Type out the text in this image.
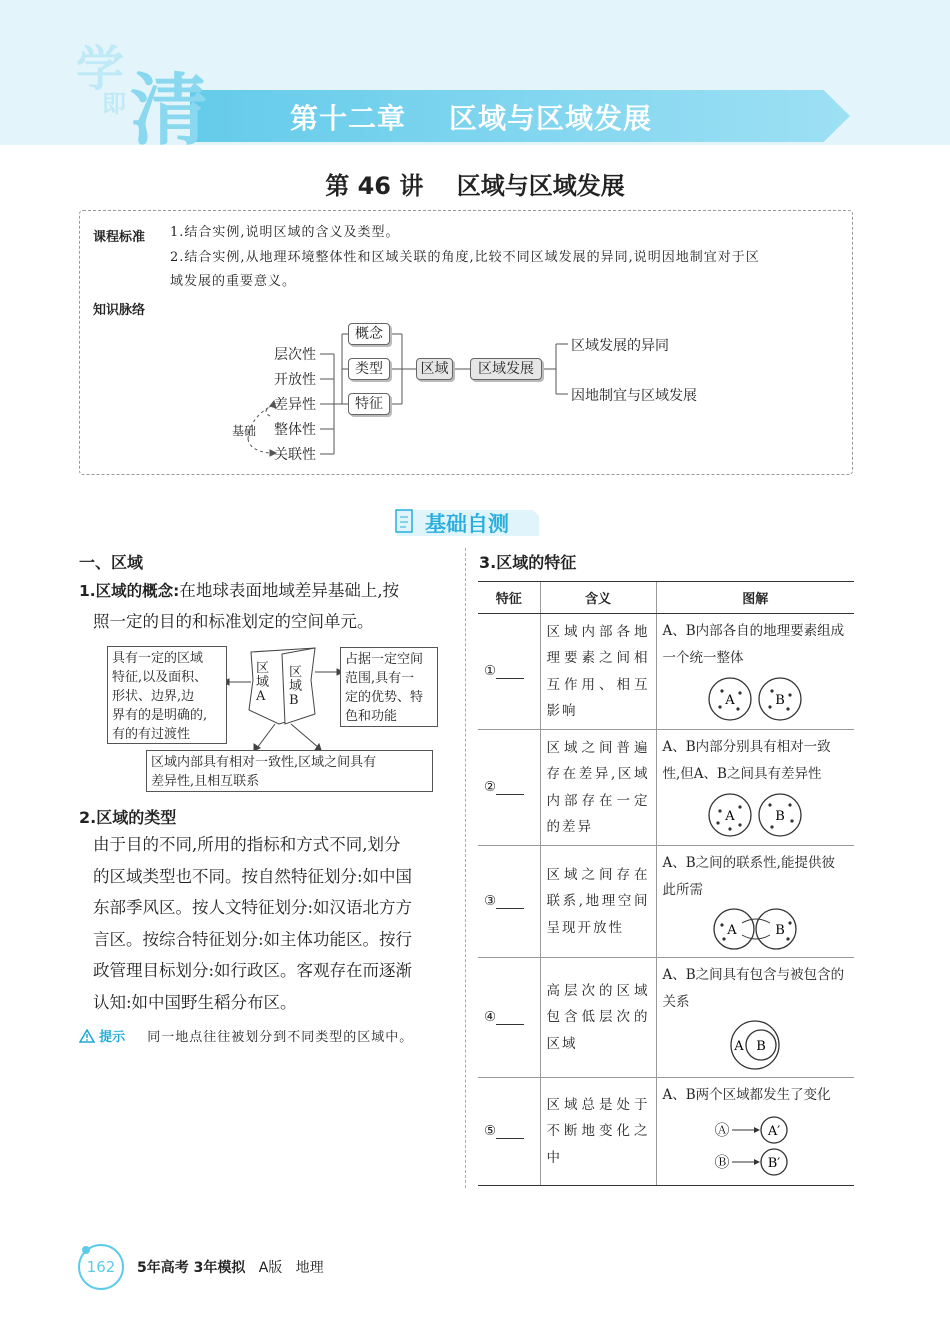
学
即 清	第十二章    区域与区域发展
第 46 讲    区域与区域发展
课程标准 1.结合实例,说明区域的含义及类型。
2.结合实例,从地理环境整体性和区域关联的角度,比较不同区域发展的异同,说明因地制宜对于区
域发展的重要意义。
知识脉络
层次性
开放性
差异性
整体性
关联性
基础
概念
类型
特征
区域	区域发展
区域发展的异同
因地制宜与区域发展
基础自测
一、区域
1.区域的概念:在地球表面地域差异基础上,按
照一定的目的和标准划定的空间单元。
具有一定的区域
特征,以及面积、
形状、边界,边
界有的是明确的,
有的有过渡性
区
域
A
区
域
B
占据一定空间
范围,具有一
定的优势、特
色和功能
区域内部具有相对一致性,区域之间具有
差异性,且相互联系
2.区域的类型
由于目的不同,所用的指标和方式不同,划分
的区域类型也不同。按自然特征划分:如中国
东部季风区。按人文特征划分:如汉语北方方
言区。按综合特征划分:如主体功能区。按行
政管理目标划分:如行政区。客观存在而逐渐
认知:如中国野生稻分布区。
提示 同一地点往往被划分到不同类型的区域中。
3.区域的特征
特征	含义	图解
①	区域内部各地理要素之间相互作用、相互影响	A、B内部各自的地理要素组成一个统一整体
A B

②	区域之间普遍存在差异,区域内部存在一定的差异	A、B内部分别具有相对一致性,但A、B之间具有差异性
A B

③	区域之间存在联系,地理空间呈现开放性	A、B之间的联系性,能提供彼此所需
A B

④	高层次的区域包含低层次的区域	A、B之间具有包含与被包含的关系
A B

⑤	区域总是处于不断地变化之中	A、B两个区域都发生了变化
Ⓐ A′
Ⓑ B′
162	5年高考 3年模拟 A版 地理
